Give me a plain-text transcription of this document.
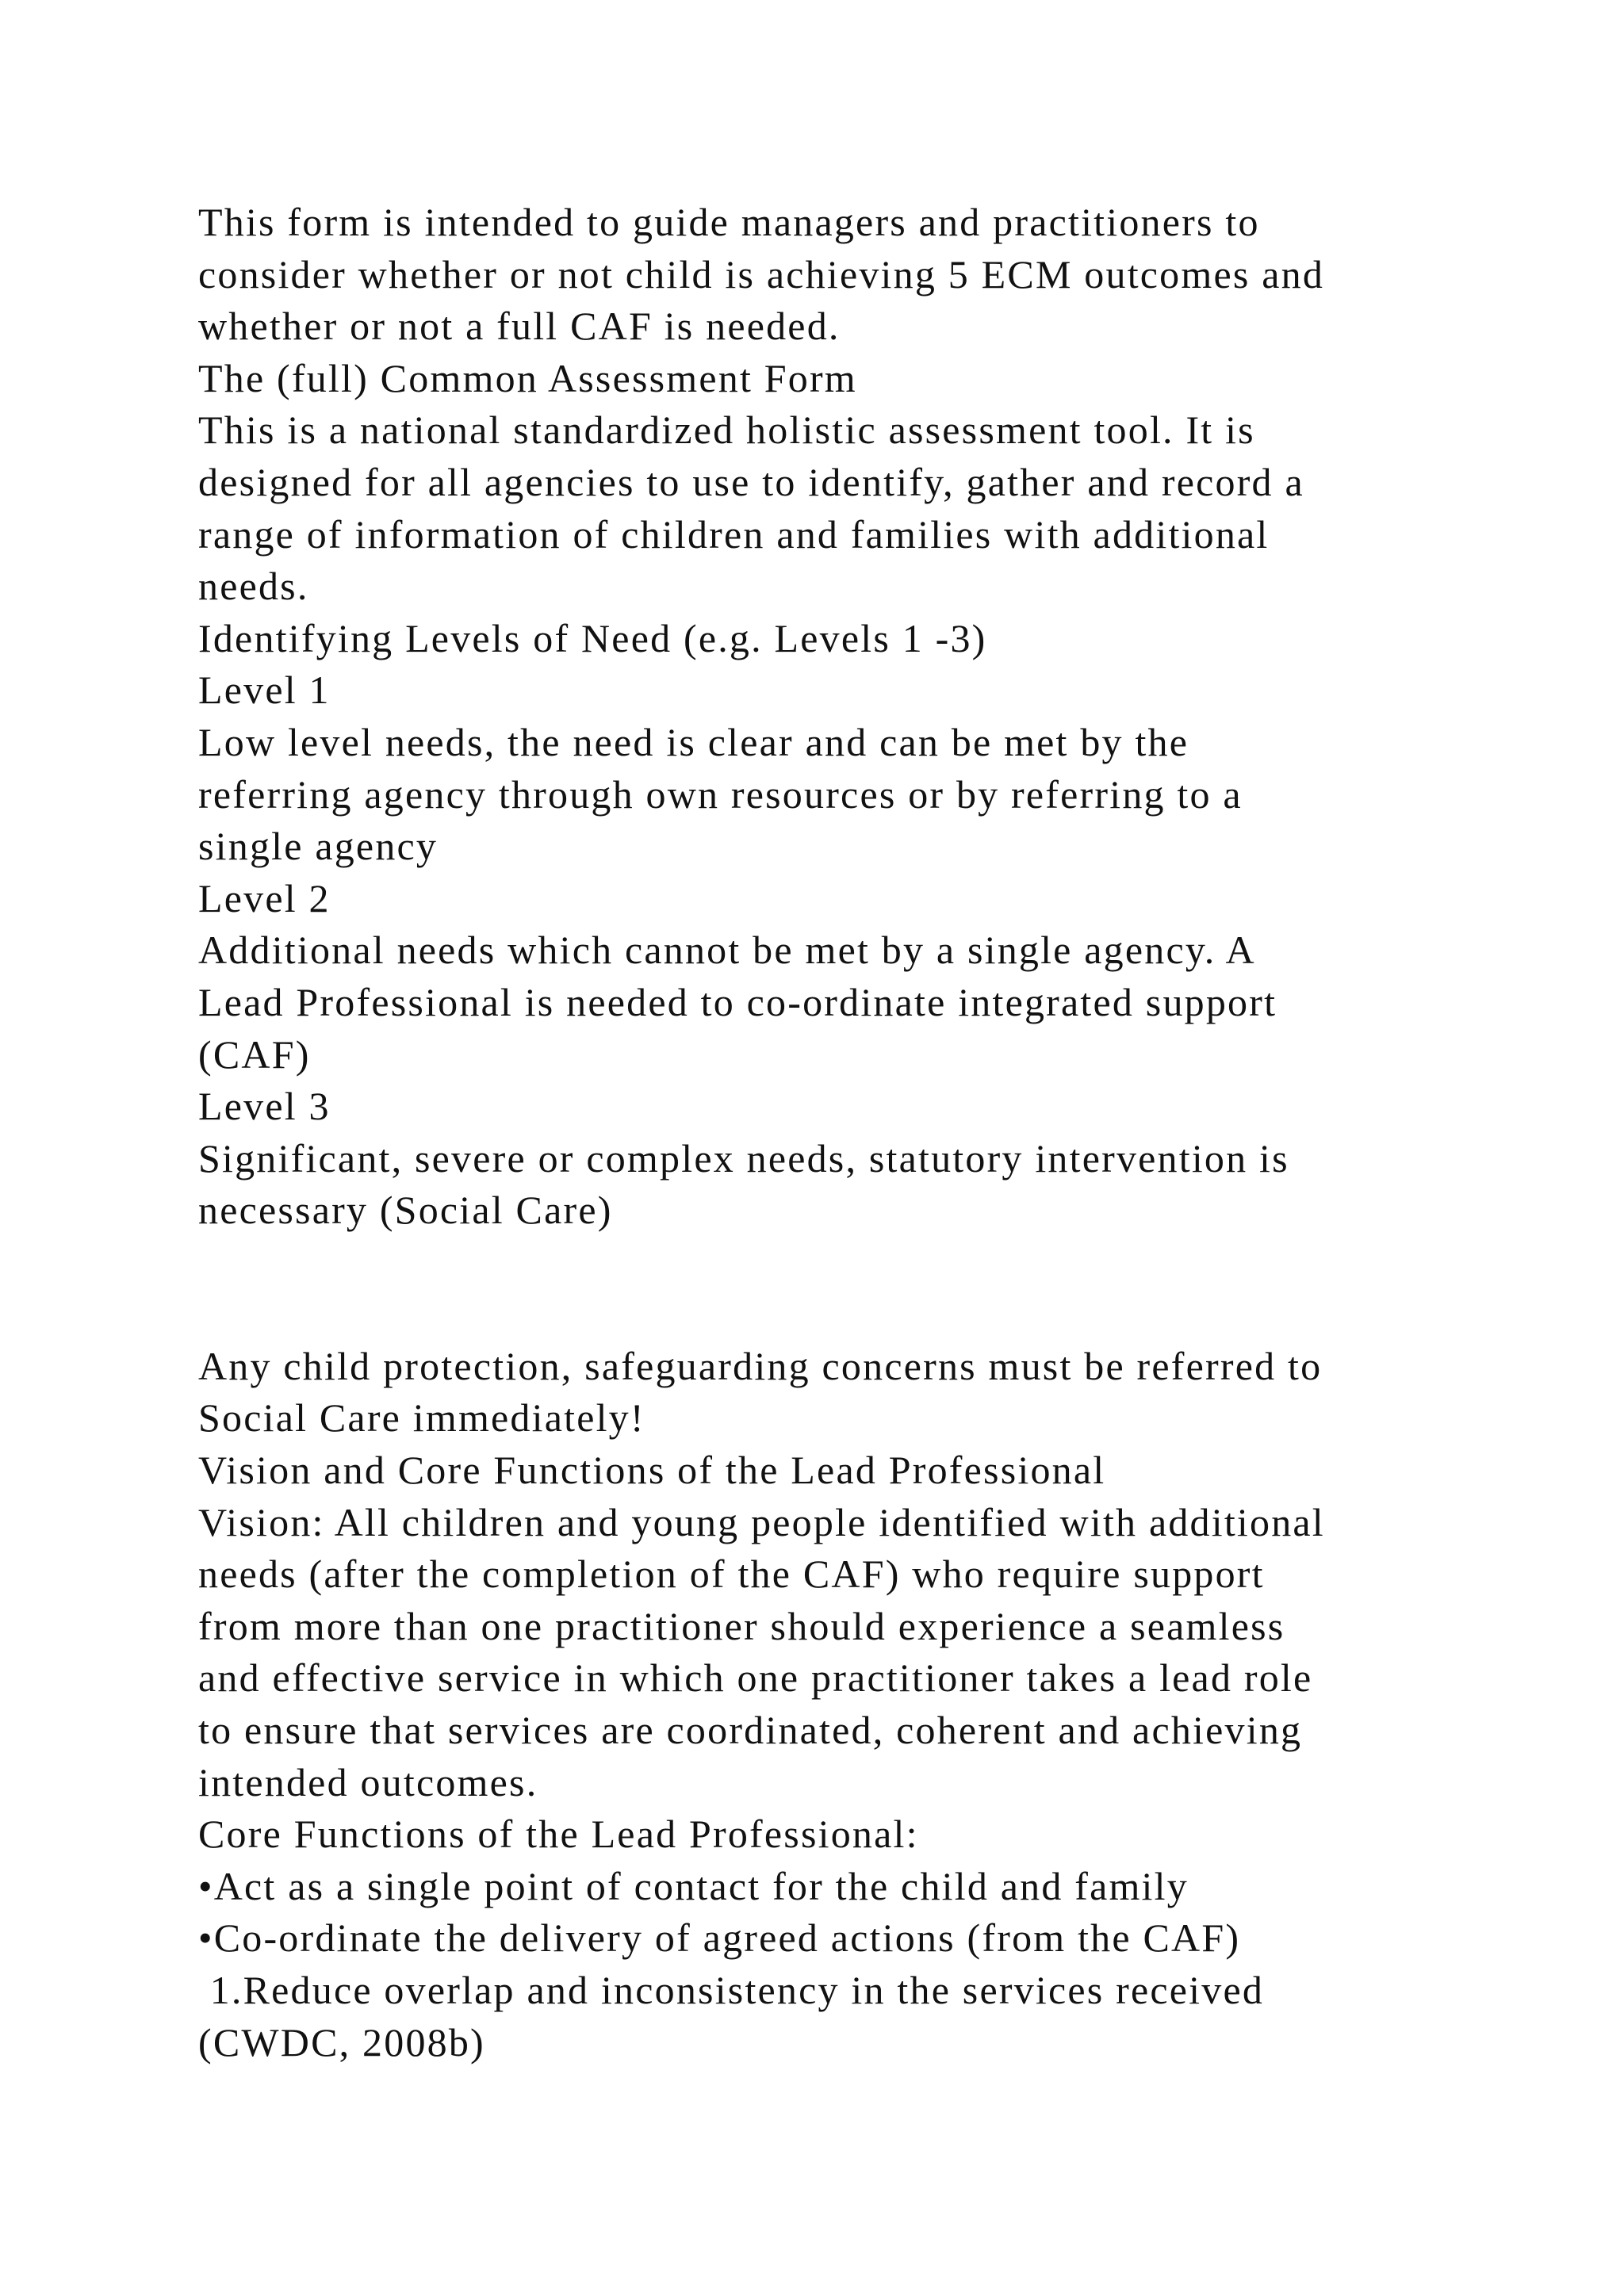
This form is intended to guide managers and practitioners to
consider whether or not child is achieving 5 ECM outcomes and
whether or not a full CAF is needed.

The (full) Common Assessment Form

This is a national standardized holistic assessment tool. It is
designed for all agencies to use to identify, gather and record a
range of information of children and families with additional
needs.

Identifying Levels of Need (e.g. Levels 1 -3)

Level 1

Low level needs, the need is clear and can be met by the
referring agency through own resources or by referring to a
single agency

Level 2

Additional needs which cannot be met by a single agency. A
Lead Professional is needed to co-ordinate integrated support
(CAF)

Level 3

Significant, severe or complex needs, statutory intervention is
necessary (Social Care)

Any child protection, safeguarding concerns must be referred to
Social Care immediately!

Vision and Core Functions of the Lead Professional

Vision: All children and young people identified with additional
needs (after the completion of the CAF) who require support
from more than one practitioner should experience a seamless
and effective service in which one practitioner takes a lead role
to ensure that services are coordinated, coherent and achieving
intended outcomes.

Core Functions of the Lead Professional:

•Act as a single point of contact for the child and family

•Co-ordinate the delivery of agreed actions (from the CAF)

1.Reduce overlap and inconsistency in the services received
(CWDC, 2008b)
